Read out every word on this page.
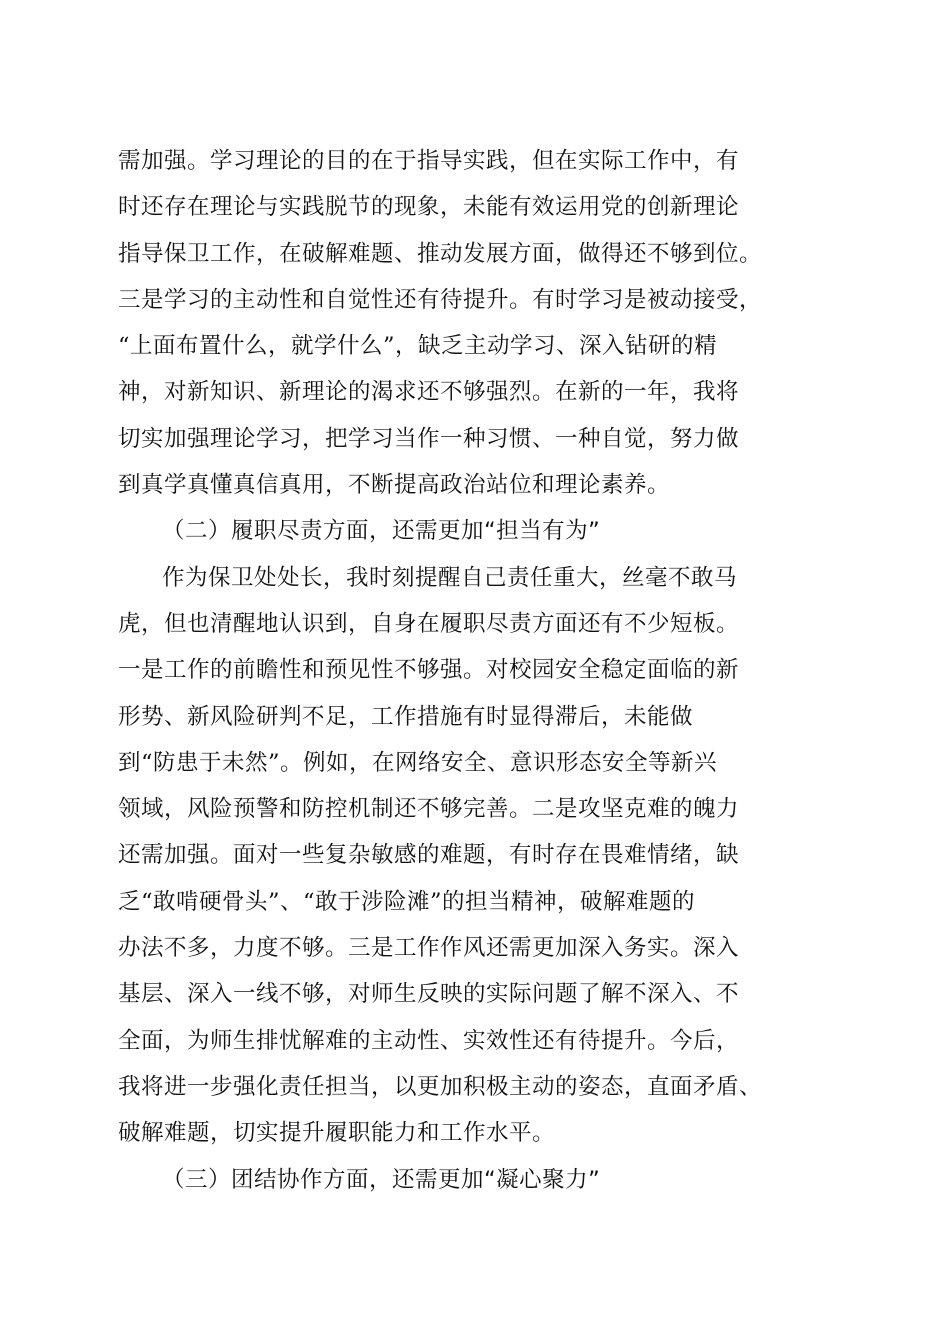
需加强。学习理论的目的在于指导实践，但在实际工作中，有
时还存在理论与实践脱节的现象，未能有效运用党的创新理论
指导保卫工作，在破解难题、推动发展方面，做得还不够到位。
三是学习的主动性和自觉性还有待提升。有时学习是被动接受，
“上面布置什么，就学什么”，缺乏主动学习、深入钻研的精
神，对新知识、新理论的渴求还不够强烈。在新的一年，我将
切实加强理论学习，把学习当作一种习惯、一种自觉，努力做
到真学真懂真信真用，不断提高政治站位和理论素养。
（二）履职尽责方面，还需更加“担当有为”
作为保卫处处长，我时刻提醒自己责任重大，丝毫不敢马
虎，但也清醒地认识到，自身在履职尽责方面还有不少短板。
一是工作的前瞻性和预见性不够强。对校园安全稳定面临的新
形势、新风险研判不足，工作措施有时显得滞后，未能做
到“防患于未然”。例如，在网络安全、意识形态安全等新兴
领域，风险预警和防控机制还不够完善。二是攻坚克难的魄力
还需加强。面对一些复杂敏感的难题，有时存在畏难情绪，缺
乏“敢啃硬骨头”、“敢于涉险滩”的担当精神，破解难题的
办法不多，力度不够。三是工作作风还需更加深入务实。深入
基层、深入一线不够，对师生反映的实际问题了解不深入、不
全面，为师生排忧解难的主动性、实效性还有待提升。今后，
我将进一步强化责任担当，以更加积极主动的姿态，直面矛盾、
破解难题，切实提升履职能力和工作水平。
（三）团结协作方面，还需更加“凝心聚力”
